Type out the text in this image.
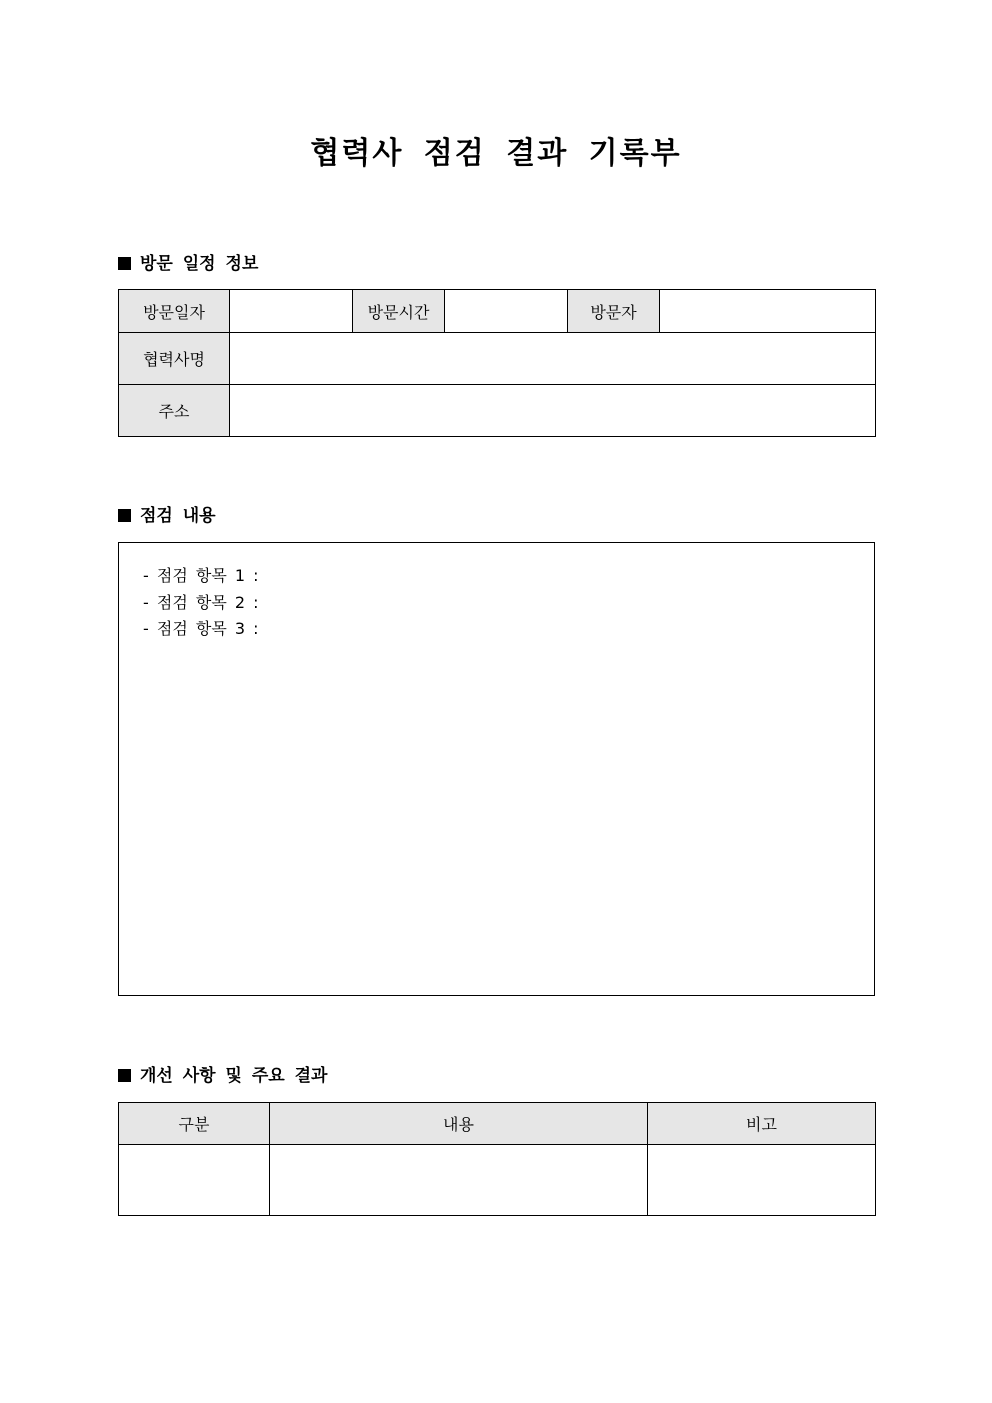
협력사 점검 결과 기록부
방문 일정 정보
방문일자		방문시간		방문자	
협력사명					
주소					
점검 내용
- 점검 항목 1 :
- 점검 항목 2 :
- 점검 항목 3 :
개선 사항 및 주요 결과
구분	내용	비고
